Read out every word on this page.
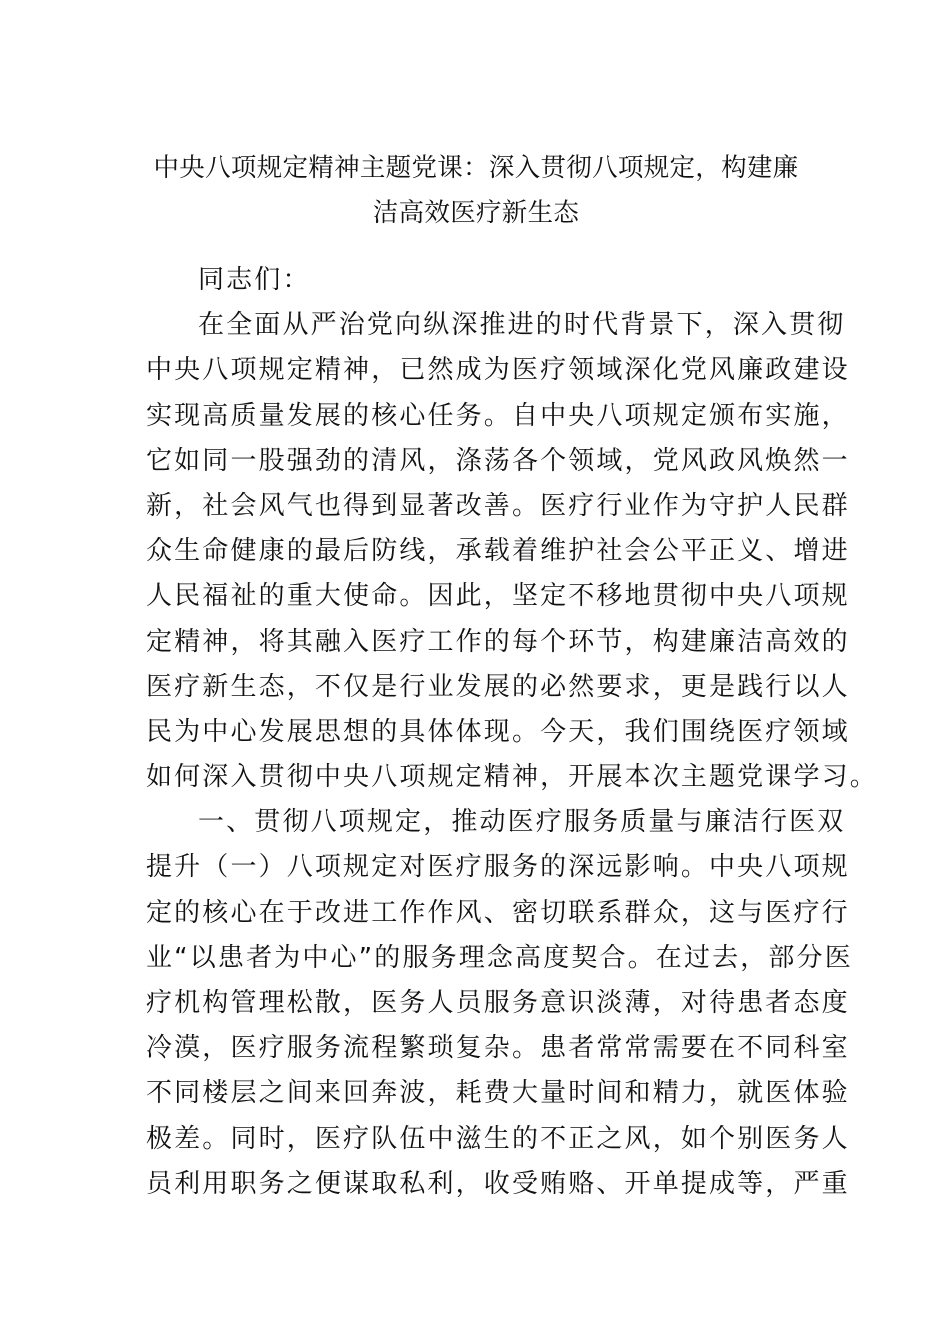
中央八项规定精神主题党课：深入贯彻八项规定，构建廉
洁高效医疗新生态
同志们：
在全面从严治党向纵深推进的时代背景下，深入贯彻
中央八项规定精神，已然成为医疗领域深化党风廉政建设
实现高质量发展的核心任务。自中央八项规定颁布实施，
它如同一股强劲的清风，涤荡各个领域，党风政风焕然一
新，社会风气也得到显著改善。医疗行业作为守护人民群
众生命健康的最后防线，承载着维护社会公平正义、增进
人民福祉的重大使命。因此，坚定不移地贯彻中央八项规
定精神，将其融入医疗工作的每个环节，构建廉洁高效的
医疗新生态，不仅是行业发展的必然要求，更是践行以人
民为中心发展思想的具体体现。今天，我们围绕医疗领域
如何深入贯彻中央八项规定精神，开展本次主题党课学习。
一、贯彻八项规定，推动医疗服务质量与廉洁行医双
提升（一）八项规定对医疗服务的深远影响。中央八项规
定的核心在于改进工作作风、密切联系群众，这与医疗行
业“以患者为中心”的服务理念高度契合。在过去，部分医
疗机构管理松散，医务人员服务意识淡薄，对待患者态度
冷漠，医疗服务流程繁琐复杂。患者常常需要在不同科室
不同楼层之间来回奔波，耗费大量时间和精力，就医体验
极差。同时，医疗队伍中滋生的不正之风，如个别医务人
员利用职务之便谋取私利，收受贿赂、开单提成等，严重
